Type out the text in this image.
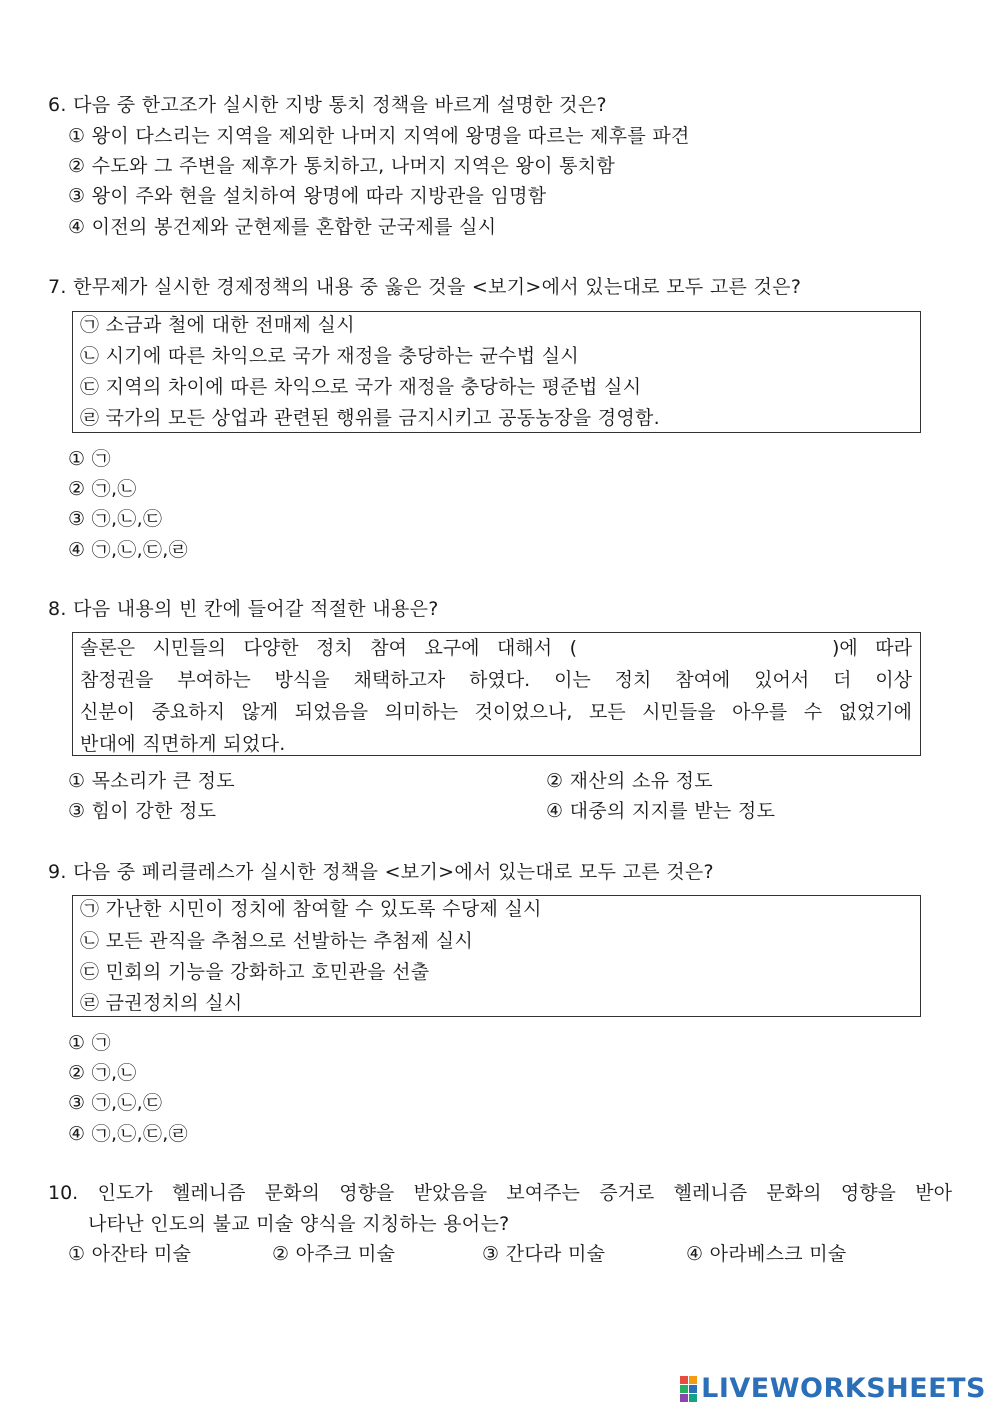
6. 다음 중 한고조가 실시한 지방 통치 정책을 바르게 설명한 것은?
① 왕이 다스리는 지역을 제외한 나머지 지역에 왕명을 따르는 제후를 파견
② 수도와 그 주변을 제후가 통치하고, 나머지 지역은 왕이 통치함
③ 왕이 주와 현을 설치하여 왕명에 따라 지방관을 임명함
④ 이전의 봉건제와 군현제를 혼합한 군국제를 실시
7. 한무제가 실시한 경제정책의 내용 중 옳은 것을 <보기>에서 있는대로 모두 고른 것은?
㉠ 소금과 철에 대한 전매제 실시
㉡ 시기에 따른 차익으로 국가 재정을 충당하는 균수법 실시
㉢ 지역의 차이에 따른 차익으로 국가 재정을 충당하는 평준법 실시
㉣ 국가의 모든 상업과 관련된 행위를 금지시키고 공동농장을 경영함.
① ㉠
② ㉠,㉡
③ ㉠,㉡,㉢
④ ㉠,㉡,㉢,㉣
8. 다음 내용의 빈 칸에 들어갈 적절한 내용은?
솔론은 시민들의 다양한 정치 참여 요구에 대해서 (	)에 따라
참정권을 부여하는 방식을 채택하고자 하였다. 이는 정치 참여에 있어서 더 이상
신분이 중요하지 않게 되었음을 의미하는 것이었으나, 모든 시민들을 아우를 수 없었기에
반대에 직면하게 되었다.
① 목소리가 큰 정도	② 재산의 소유 정도
③ 힘이 강한 정도	④ 대중의 지지를 받는 정도
9. 다음 중 페리클레스가 실시한 정책을 <보기>에서 있는대로 모두 고른 것은?
㉠ 가난한 시민이 정치에 참여할 수 있도록 수당제 실시
㉡ 모든 관직을 추첨으로 선발하는 추첨제 실시
㉢ 민회의 기능을 강화하고 호민관을 선출
㉣ 금권정치의 실시
① ㉠
② ㉠,㉡
③ ㉠,㉡,㉢
④ ㉠,㉡,㉢,㉣
10. 인도가 헬레니즘 문화의 영향을 받았음을 보여주는 증거로 헬레니즘 문화의 영향을 받아
나타난 인도의 불교 미술 양식을 지칭하는 용어는?
① 아잔타 미술	② 아주크 미술	③ 간다라 미술	④ 아라베스크 미술
LIVEWORKSHEETS
